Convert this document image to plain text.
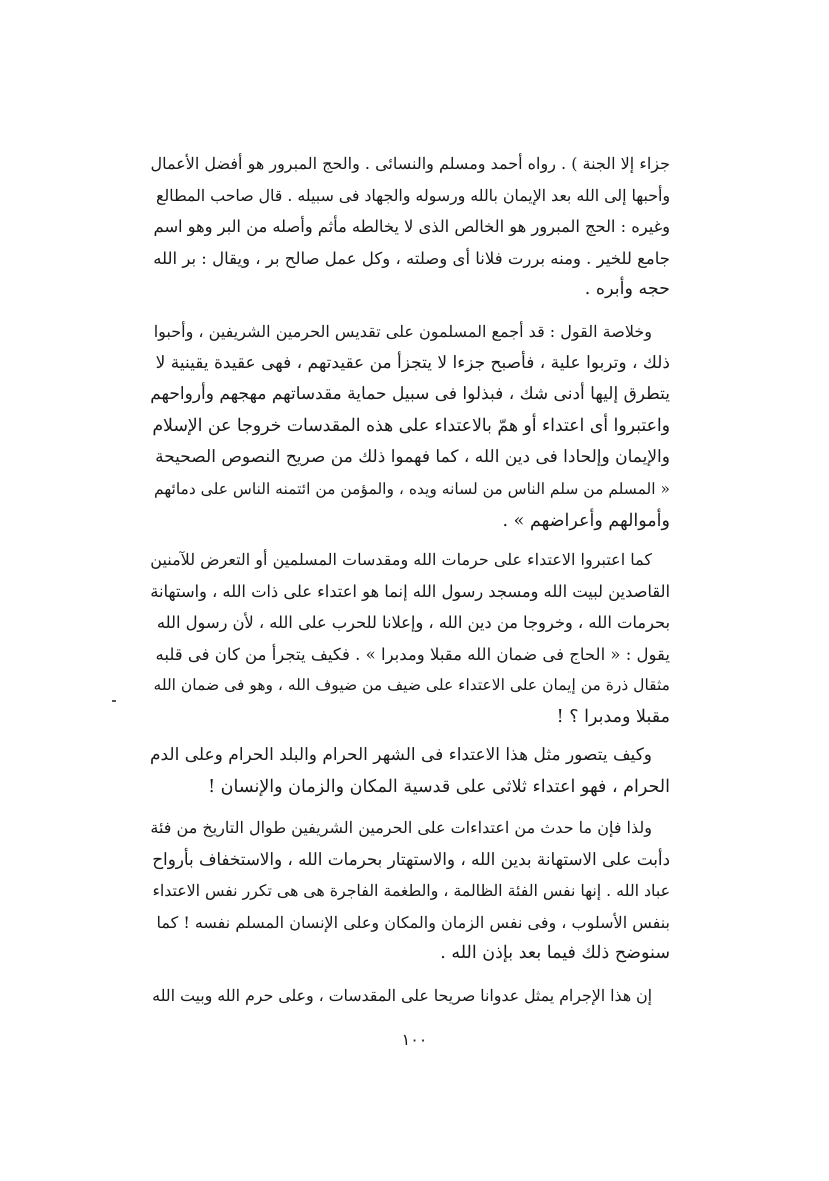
جزاء إلا الجنة ) . رواه أحمد ومسلم والنسائى . والحج المبرور هو أفضل الأعمال
وأحبها إلى الله بعد الإيمان بالله ورسوله والجهاد فى سبيله . قال صاحب المطالع
وغيره : الحج المبرور هو الخالص الذى لا يخالطه مأثم وأصله من البر وهو اسم
جامع للخير . ومنه بررت فلانا أى وصلته ، وكل عمل صالح بر ، ويقال : بر الله
حجه وأبره .

وخلاصة القول : قد أجمع المسلمون على تقديس الحرمين الشريفين ، وأحبوا
ذلك ، وتربوا علية ، فأصبح جزءا لا يتجزأ من عقيدتهم ، فهى عقيدة يقينية لا
يتطرق إليها أدنى شك ، فبذلوا فى سبيل حماية مقدساتهم مهجهم وأرواحهم
واعتبروا أى اعتداء أو همّ بالاعتداء على هذه المقدسات خروجا عن الإسلام
والإيمان وإلحادا فى دين الله ، كما فهموا ذلك من صريح النصوص الصحيحة
« المسلم من سلم الناس من لسانه ويده ، والمؤمن من ائتمنه الناس على دمائهم
وأموالهم وأعراضهم » .

كما اعتبروا الاعتداء على حرمات الله ومقدسات المسلمين أو التعرض للآمنين
القاصدين لبيت الله ومسجد رسول الله إنما هو اعتداء على ذات الله ، واستهانة
بحرمات الله ، وخروجا من دين الله ، وإعلانا للحرب على الله ، لأن رسول الله
يقول : « الحاج فى ضمان الله مقبلا ومدبرا » . فكيف يتجرأ من كان فى قلبه
مثقال ذرة من إيمان على الاعتداء على ضيف من ضيوف الله ، وهو فى ضمان الله
مقبلا ومدبرا ؟ !

وكيف يتصور مثل هذا الاعتداء فى الشهر الحرام والبلد الحرام وعلى الدم
الحرام ، فهو اعتداء ثلاثى على قدسية المكان والزمان والإنسان !

ولذا فإن ما حدث من اعتداءات على الحرمين الشريفين طوال التاريخ من فئة
دأبت على الاستهانة بدين الله ، والاستهتار بحرمات الله ، والاستخفاف بأرواح
عباد الله . إنها نفس الفئة الظالمة ، والطغمة الفاجرة هى هى تكرر نفس الاعتداء
بنفس الأسلوب ، وفى نفس الزمان والمكان وعلى الإنسان المسلم نفسه ! كما
سنوضح ذلك فيما بعد بإذن الله .

إن هذا الإجرام يمثل عدوانا صريحا على المقدسات ، وعلى حرم الله وبيت الله

١٠٠
